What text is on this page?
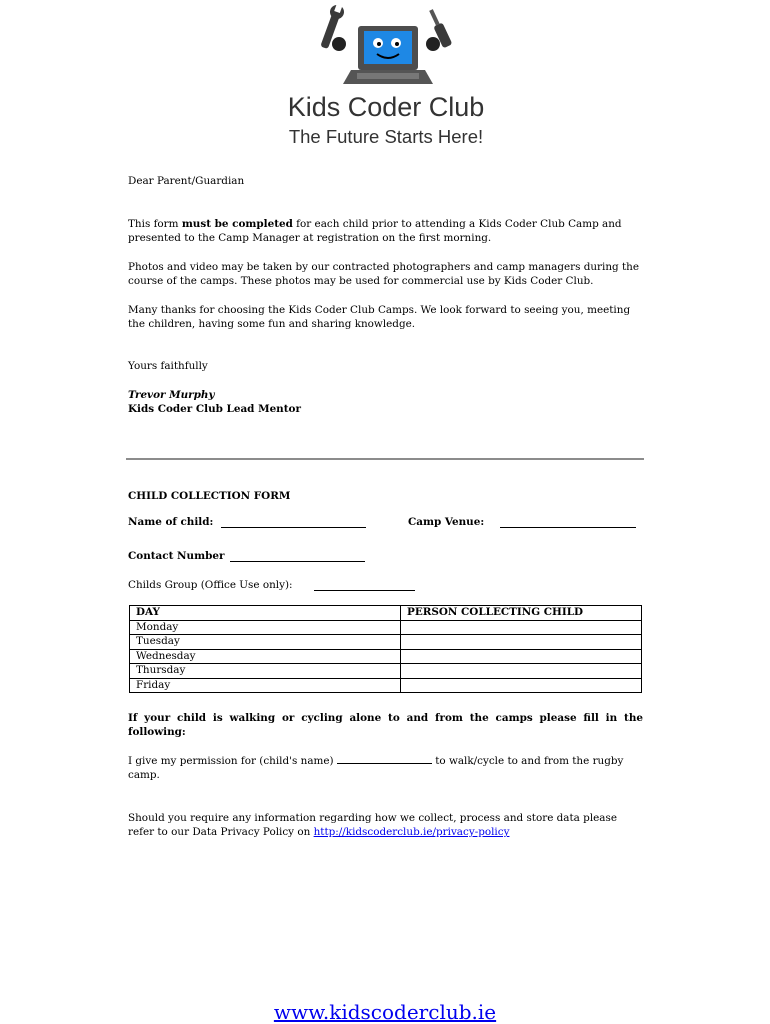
Kids Coder Club
The Future Starts Here!
Dear Parent/Guardian
This form must be completed for each child prior to attending a Kids Coder Club Camp and presented to the Camp Manager at registration on the first morning.
Photos and video may be taken by our contracted photographers and camp managers during the course of the camps. These photos may be used for commercial use by Kids Coder Club.
Many thanks for choosing the Kids Coder Club Camps. We look forward to seeing you, meeting the children, having some fun and sharing knowledge.
Yours faithfully
Trevor Murphy
Kids Coder Club Lead Mentor
CHILD COLLECTION FORM
Name of child:	Camp Venue:
Contact Number
Childs Group (Office Use only):
DAY	PERSON COLLECTING CHILD
Monday	
Tuesday	
Wednesday	
Thursday	
Friday	
If your child is walking or cycling alone to and from the camps please fill in the following:
I give my permission for (child's name)	to walk/cycle to and from the rugby camp.
Should you require any information regarding how we collect, process and store data please refer to our Data Privacy Policy on http://kidscoderclub.ie/privacy-policy
www.kidscoderclub.ie
